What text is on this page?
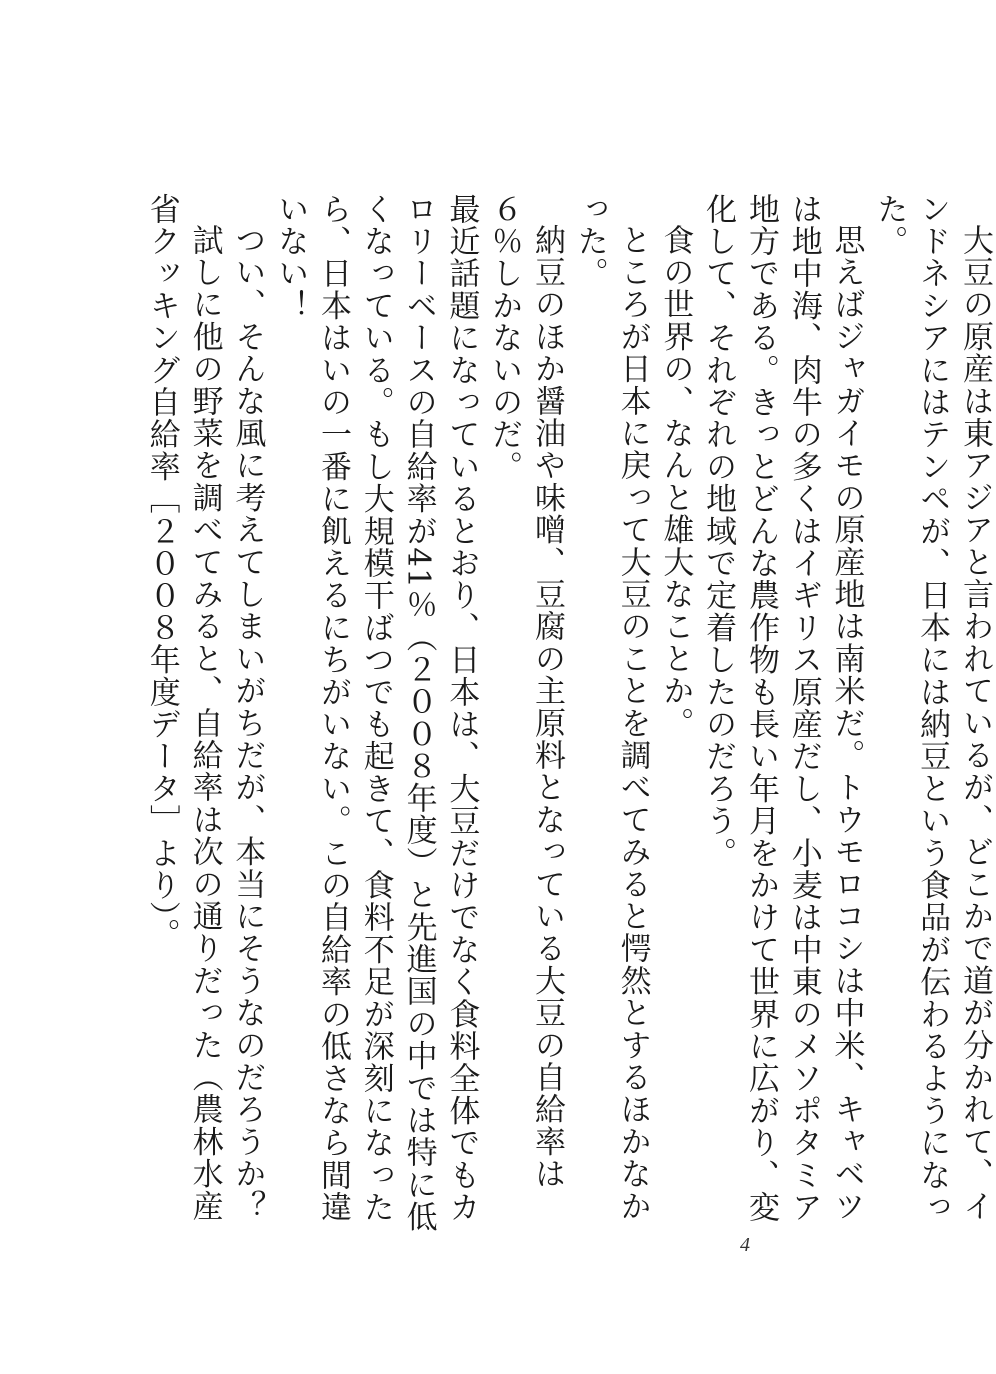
大豆の原産は東アジアと言われているが、どこかで道が分かれて、インドネシアにはテンペが、日本には納豆という食品が伝わるようになった。

思えばジャガイモの原産地は南米だ。トウモロコシは中米、キャベツは地中海、肉牛の多くはイギリス原産だし、小麦は中東のメソポタミア地方である。きっとどんな農作物も長い年月をかけて世界に広がり、変化して、それぞれの地域で定着したのだろう。

食の世界の、なんと雄大なことか。

ところが日本に戻って大豆のことを調べてみると愕然とするほかなかった。

納豆のほか醤油や味噌、豆腐の主原料となっている大豆の自給率は６％しかないのだ。

最近話題になっているとおり、日本は、大豆だけでなく食料全体でもカロリーベースの自給率が41％（２００８年度）と先進国の中では特に低くなっている。もし大規模干ばつでも起きて、食料不足が深刻になったら、日本はいの一番に飢えるにちがいない。この自給率の低さなら間違いない！

つい、そんな風に考えてしまいがちだが、本当にそうなのだろうか？

試しに他の野菜を調べてみると、自給率は次の通りだった（農林水産省クッキング自給率［２００８年度データ］より）。

4
